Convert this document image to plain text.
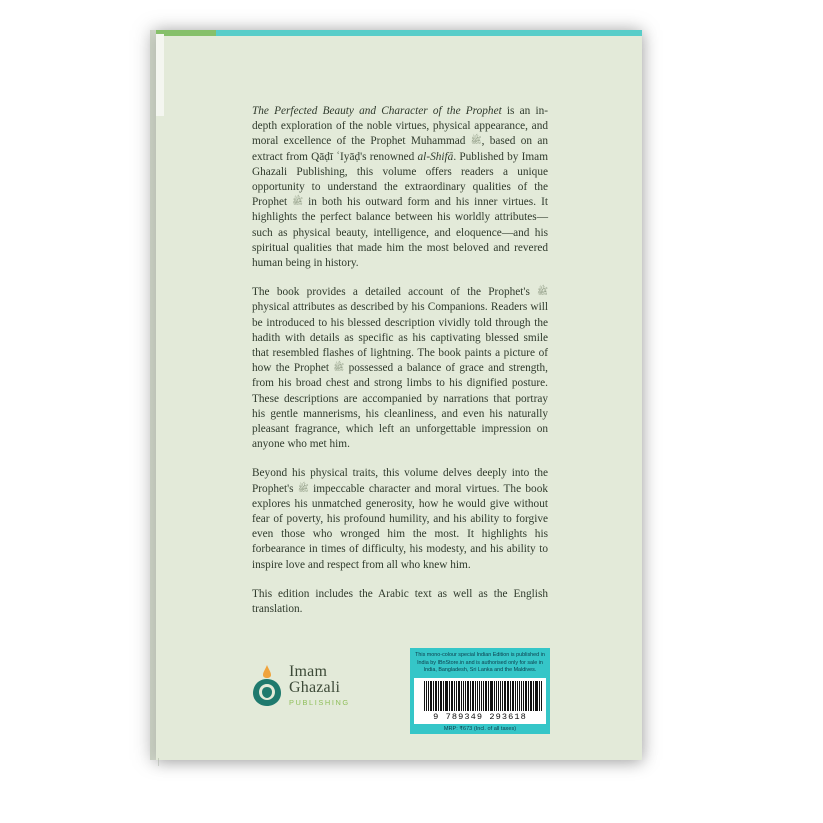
The Perfected Beauty and Character of the Prophet is an in-depth exploration of the noble virtues, physical appearance, and moral excellence of the Prophet Muhammad ﷺ, based on an extract from Qāḍī ʿIyāḍ's renowned al-Shifā. Published by Imam Ghazali Publishing, this volume offers readers a unique opportunity to understand the extraordinary qualities of the Prophet ﷺ in both his outward form and his inner virtues. It highlights the perfect balance between his worldly attributes—such as physical beauty, intelligence, and eloquence—and his spiritual qualities that made him the most beloved and revered human being in history.

The book provides a detailed account of the Prophet's ﷺ physical attributes as described by his Companions. Readers will be introduced to his blessed description vividly told through the hadith with details as specific as his captivating blessed smile that resembled flashes of lightning. The book paints a picture of how the Prophet ﷺ possessed a balance of grace and strength, from his broad chest and strong limbs to his dignified posture. These descriptions are accompanied by narrations that portray his gentle mannerisms, his cleanliness, and even his naturally pleasant fragrance, which left an unforgettable impression on anyone who met him.

Beyond his physical traits, this volume delves deeply into the Prophet's ﷺ impeccable character and moral virtues. The book explores his unmatched generosity, how he would give without fear of poverty, his profound humility, and his ability to forgive even those who wronged him the most. It highlights his forbearance in times of difficulty, his modesty, and his ability to inspire love and respect from all who knew him.

This edition includes the Arabic text as well as the English translation.

Imam
Ghazali
PUBLISHING
This mono-colour special Indian Edition is published in India by IBnStore.in and is authorised only for sale in India, Bangladesh, Sri Lanka and the Maldives.
9 789349 293618
MRP: ₹673 (Incl. of all taxes)
|
